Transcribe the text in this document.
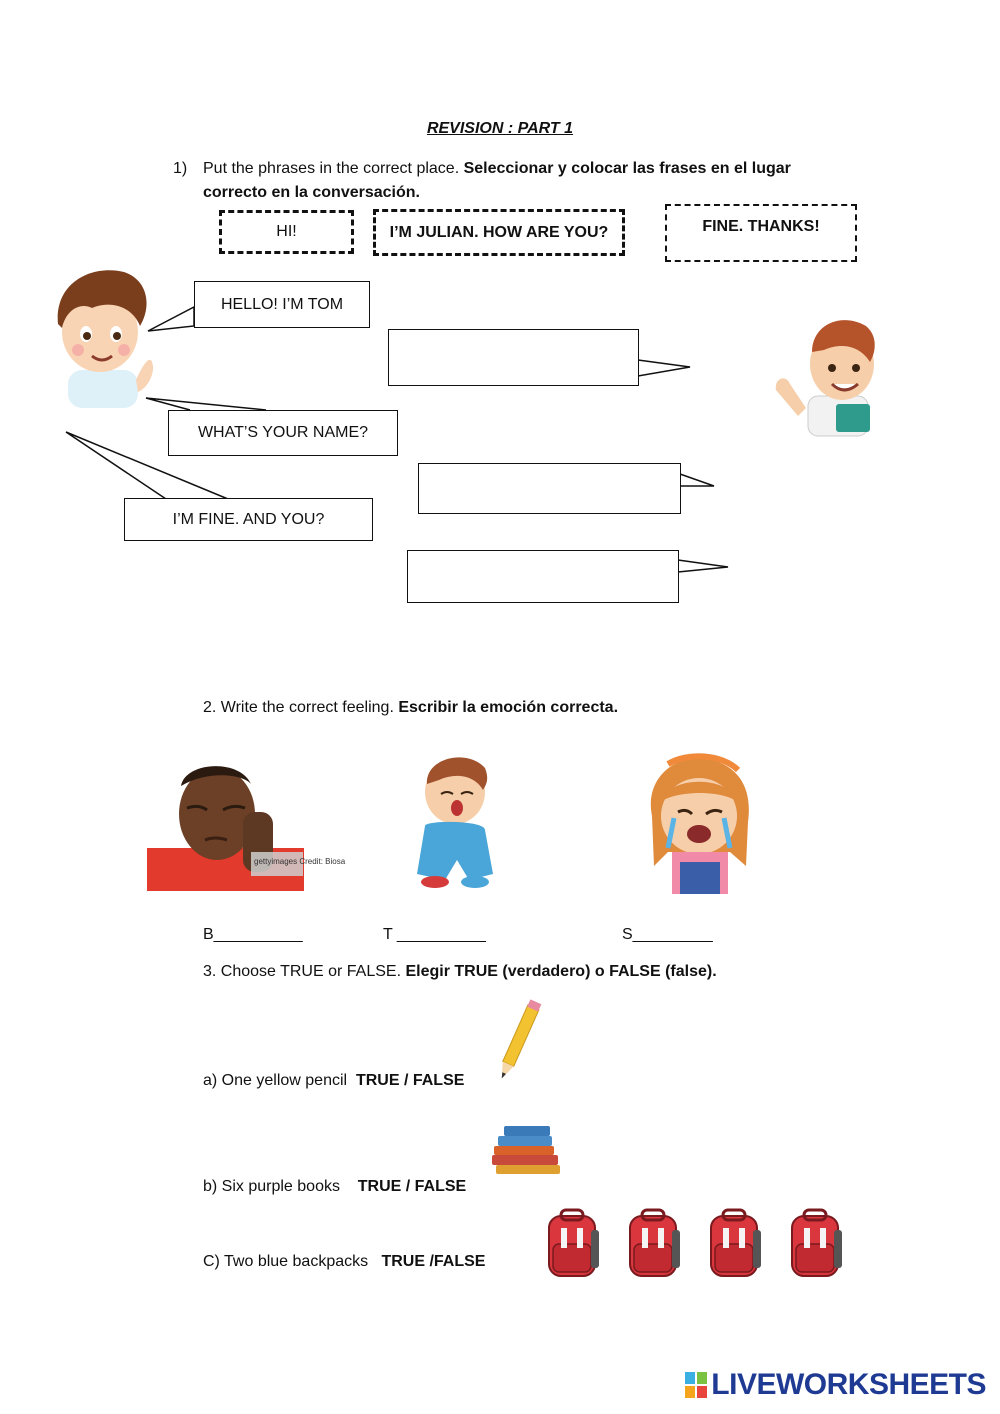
REVISION : PART 1
1) Put the phrases in the correct place. Seleccionar y colocar las frases en el lugar correcto en la conversación.
HI!	I’M JULIAN. HOW ARE YOU?	FINE. THANKS!
HELLO! I’M TOM
WHAT’S YOUR NAME?
I’M FINE. AND YOU?
2. Write the correct feeling. Escribir la emoción correcta.
gettyimages Credit: Biosa
B__________	T __________	S_________
3. Choose TRUE or FALSE. Elegir TRUE (verdadero) o FALSE (false).
a) One yellow pencil TRUE / FALSE
b) Six purple books TRUE / FALSE
C) Two blue backpacks TRUE /FALSE
LIVEWORKSHEETS
